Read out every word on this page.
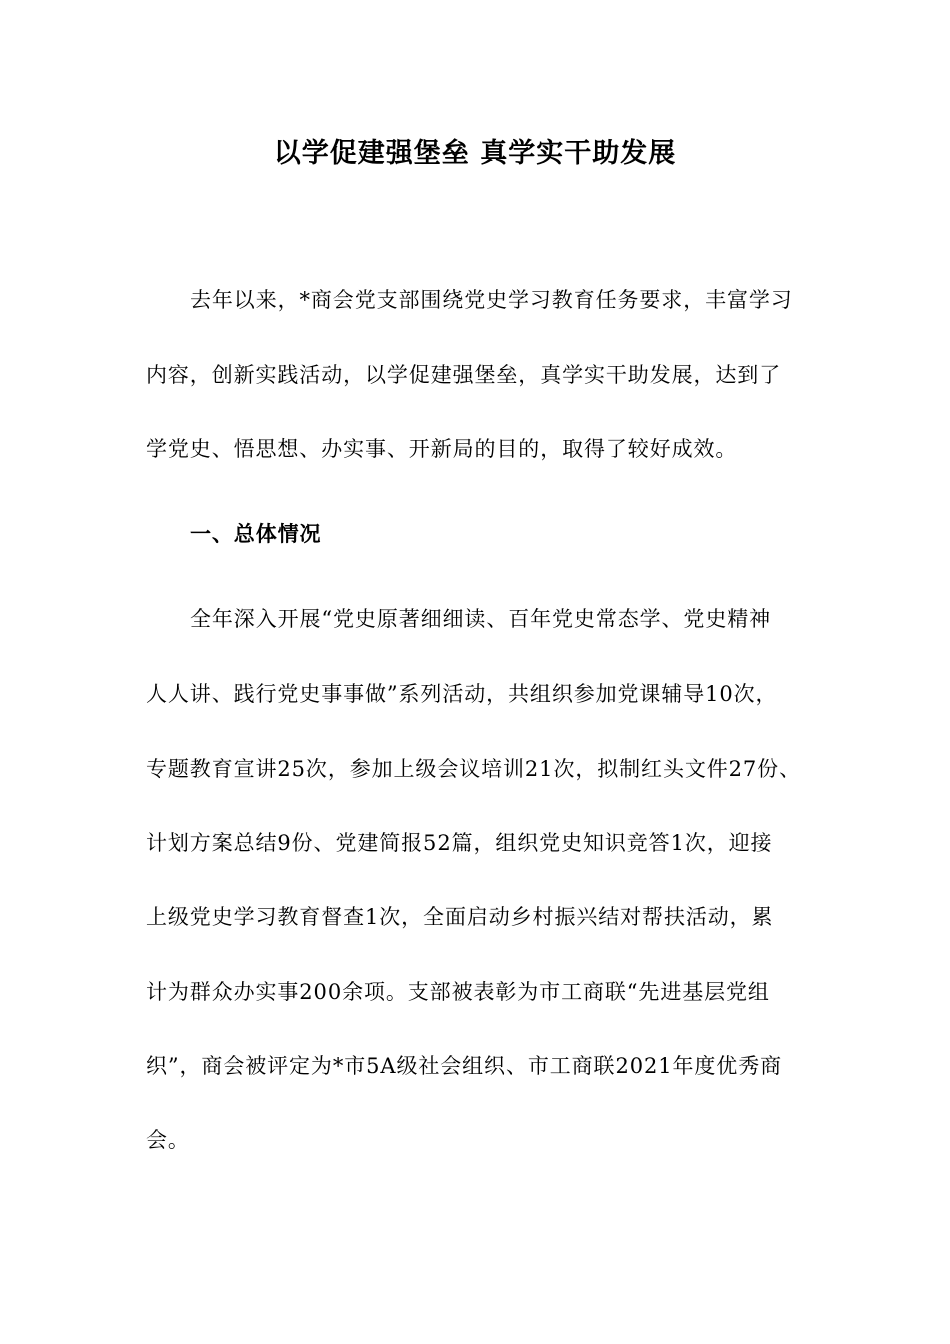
以学促建强堡垒 真学实干助发展
去年以来，*商会党支部围绕党史学习教育任务要求，丰富学习
内容，创新实践活动，以学促建强堡垒，真学实干助发展，达到了
学党史、悟思想、办实事、开新局的目的，取得了较好成效。
一、总体情况
全年深入开展“党史原著细细读、百年党史常态学、党史精神
人人讲、践行党史事事做”系列活动，共组织参加党课辅导10次，
专题教育宣讲25次，参加上级会议培训21次，拟制红头文件27份、
计划方案总结9份、党建简报52篇，组织党史知识竞答1次，迎接
上级党史学习教育督查1次，全面启动乡村振兴结对帮扶活动，累
计为群众办实事200余项。支部被表彰为市工商联“先进基层党组
织”，商会被评定为*市5A级社会组织、市工商联2021年度优秀商
会。
